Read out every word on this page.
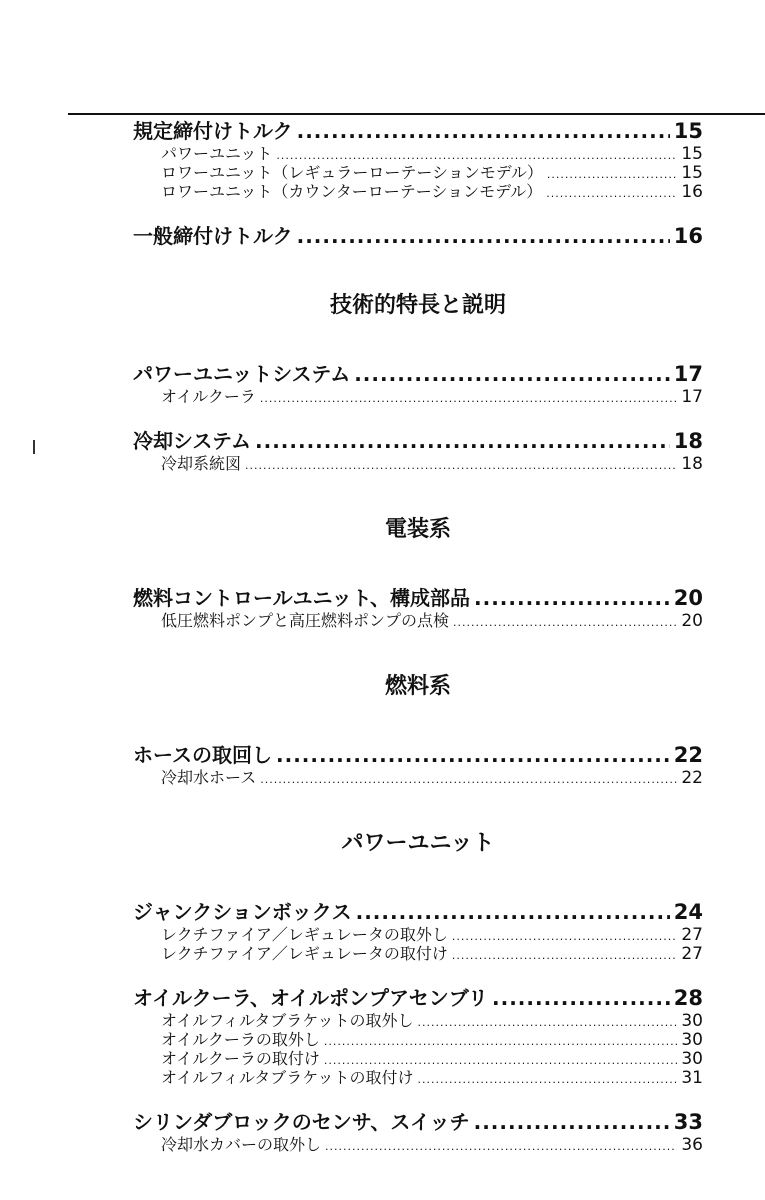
規定締付けトルク .....	15
パワーユニット .....	15
ロワーユニット（レギュラーローテーションモデル） .....	15
ロワーユニット（カウンターローテーションモデル） .....	16
一般締付けトルク .....	16
技術的特長と説明
パワーユニットシステム .....	17
オイルクーラ .....	17
冷却システム .....	18
冷却系統図 .....	18
電装系
燃料コントロールユニット、構成部品 .....	20
低圧燃料ポンプと高圧燃料ポンプの点検 .....	20
燃料系
ホースの取回し .....	22
冷却水ホース .....	22
パワーユニット
ジャンクションボックス .....	24
レクチファイア／レギュレータの取外し .....	27
レクチファイア／レギュレータの取付け .....	27
オイルクーラ、オイルポンプアセンブリ .....	28
オイルフィルタブラケットの取外し .....	30
オイルクーラの取外し .....	30
オイルクーラの取付け .....	30
オイルフィルタブラケットの取付け .....	31
シリンダブロックのセンサ、スイッチ .....	33
冷却水カバーの取外し .....	36
